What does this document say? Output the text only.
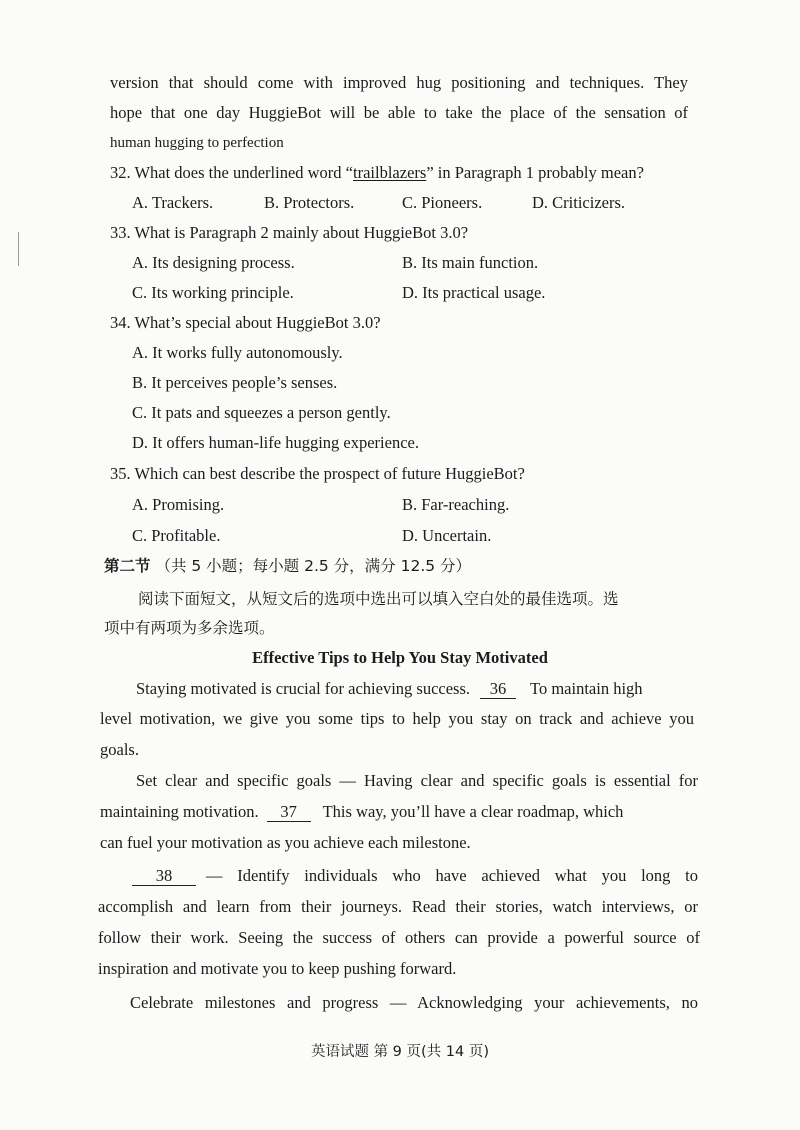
version that should come with improved hug positioning and techniques. They
hope that one day HuggieBot will be able to take the place of the sensation of
human hugging to perfection
32. What does the underlined word “trailblazers” in Paragraph 1 probably mean?
A. Trackers.	B. Protectors.	C. Pioneers.	D. Criticizers.
33. What is Paragraph 2 mainly about HuggieBot 3.0?
A. Its designing process.	B. Its main function.
C. Its working principle.	D. Its practical usage.
34. What’s special about HuggieBot 3.0?
A. It works fully autonomously.
B. It perceives people’s senses.
C. It pats and squeezes a person gently.
D. It offers human-life hugging experience.
35. Which can best describe the prospect of future HuggieBot?
A. Promising.	B. Far-reaching.
C. Profitable.	D. Uncertain.
第二节 （共 5 小题；每小题 2.5 分，满分 12.5 分）
阅读下面短文，从短文后的选项中选出可以填入空白处的最佳选项。选
项中有两项为多余选项。
Effective Tips to Help You Stay Motivated
Staying motivated is crucial for achieving success. 36 To maintain high
level motivation, we give you some tips to help you stay on track and achieve you
goals.
Set clear and specific goals — Having clear and specific goals is essential for
maintaining motivation. 37 This way, you’ll have a clear roadmap, which
can fuel your motivation as you achieve each milestone.
38	— Identify individuals who have achieved what you long to
accomplish and learn from their journeys. Read their stories, watch interviews, or
follow their work. Seeing the success of others can provide a powerful source of
inspiration and motivate you to keep pushing forward.
Celebrate milestones and progress — Acknowledging your achievements, no
英语试题 第 9 页(共 14 页)
